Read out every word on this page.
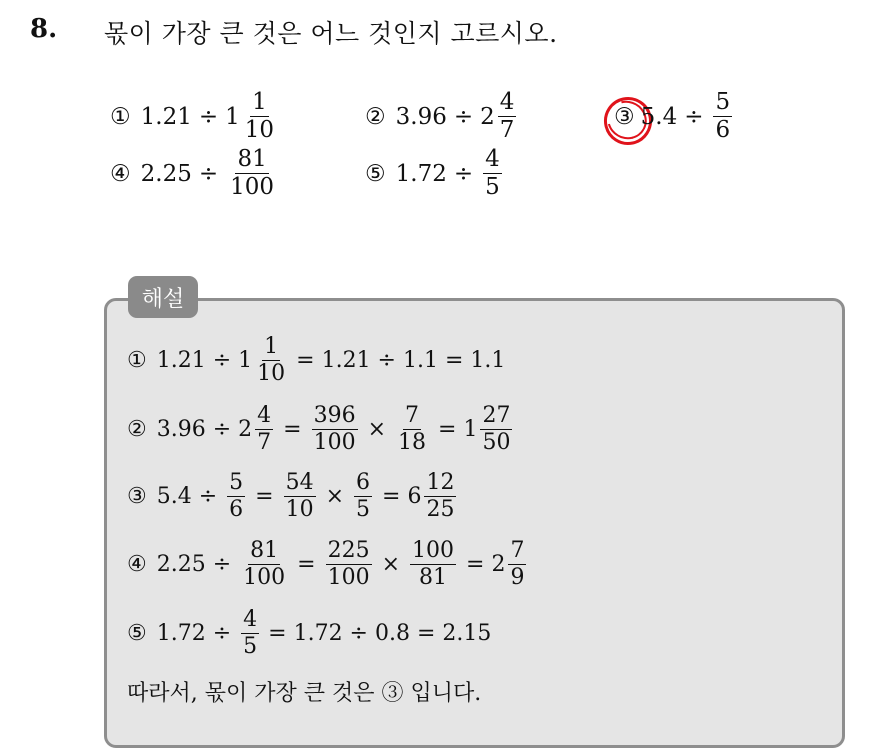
8. 몫이 가장 큰 것은 어느 것인지 고르시오.
① $1.21 \div 1 \frac{1}{10}$	② $3.96 \div 2 \frac{4}{7}$	③ $5.4 \div \frac{5}{6}$
④ $2.25 \div \frac{81}{100}$	⑤ $1.72 \div \frac{4}{5}$
해설
① $1.21 \div 1 \frac{1}{10} = 1.21 \div 1.1 = 1.1$
② $3.96 \div 2 \frac{4}{7} = \frac{396}{100} \times \frac{7}{18} = 1 \frac{27}{50}$
③ $5.4 \div \frac{5}{6} = \frac{54}{10} \times \frac{6}{5} = 6 \frac{12}{25}$
④ $2.25 \div \frac{81}{100} = \frac{225}{100} \times \frac{100}{81} = 2 \frac{7}{9}$
⑤ $1.72 \div \frac{4}{5} = 1.72 \div 0.8 = 2.15$
따라서, 몫이 가장 큰 것은 ③ 입니다.
